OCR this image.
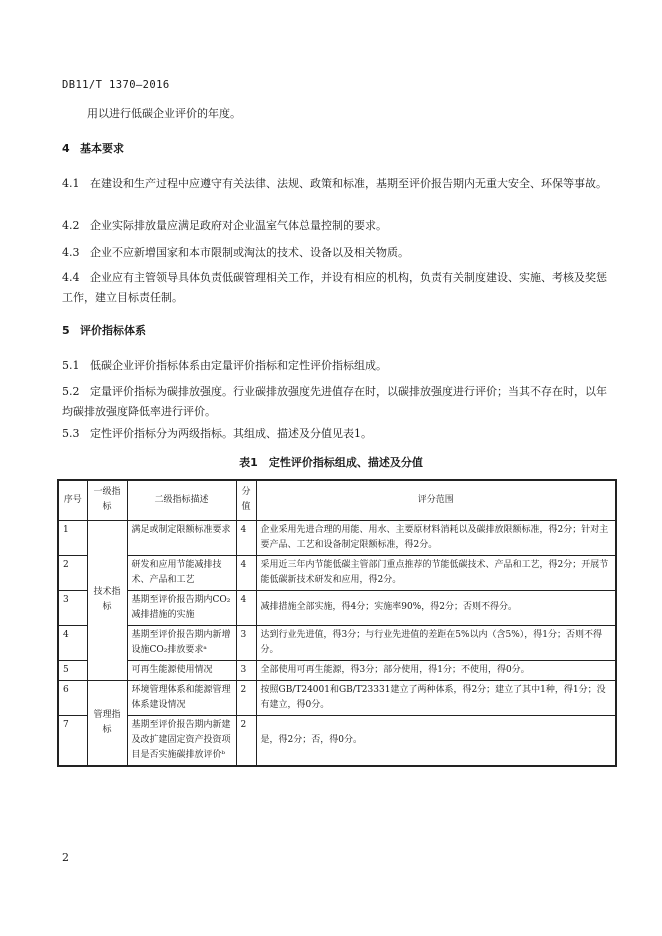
DB11/T 1370—2016
用以进行低碳企业评价的年度。
4 基本要求
4.1 在建设和生产过程中应遵守有关法律、法规、政策和标准，基期至评价报告期内无重大安全、环保等事故。
4.2 企业实际排放量应满足政府对企业温室气体总量控制的要求。
4.3 企业不应新增国家和本市限制或淘汰的技术、设备以及相关物质。
4.4 企业应有主管领导具体负责低碳管理相关工作，并设有相应的机构，负责有关制度建设、实施、考核及奖惩工作，建立目标责任制。
5 评价指标体系
5.1 低碳企业评价指标体系由定量评价指标和定性评价指标组成。
5.2 定量评价指标为碳排放强度。行业碳排放强度先进值存在时，以碳排放强度进行评价；当其不存在时，以年均碳排放强度降低率进行评价。
5.3 定性评价指标分为两级指标。其组成、描述及分值见表1。
表1　定性评价指标组成、描述及分值
序号	一级指标	二级指标描述	分值	评分范围
1	技术指标	满足或制定限额标准要求	4	企业采用先进合理的用能、用水、主要原材料消耗以及碳排放限额标准，得2分；针对主要产品、工艺和设备制定限额标准，得2分。
2		研发和应用节能减排技术、产品和工艺	4	采用近三年内节能低碳主管部门重点推荐的节能低碳技术、产品和工艺，得2分；开展节能低碳新技术研发和应用，得2分。
3		基期至评价报告期内CO₂减排措施的实施	4	减排措施全部实施，得4分；实施率90%，得2分；否则不得分。
4		基期至评价报告期内新增设施CO₂排放要求ᵃ	3	达到行业先进值，得3分；与行业先进值的差距在5%以内（含5%），得1分；否则不得分。
5		可再生能源使用情况	3	全部使用可再生能源，得3分；部分使用，得1分；不使用，得0分。
6	管理指标	环境管理体系和能源管理体系建设情况	2	按照GB/T24001和GB/T23331建立了两种体系，得2分；建立了其中1种，得1分；没有建立，得0分。
7		基期至评价报告期内新建及改扩建固定资产投资项目是否实施碳排放评价ᵇ	2	是，得2分；否，得0分。
2
